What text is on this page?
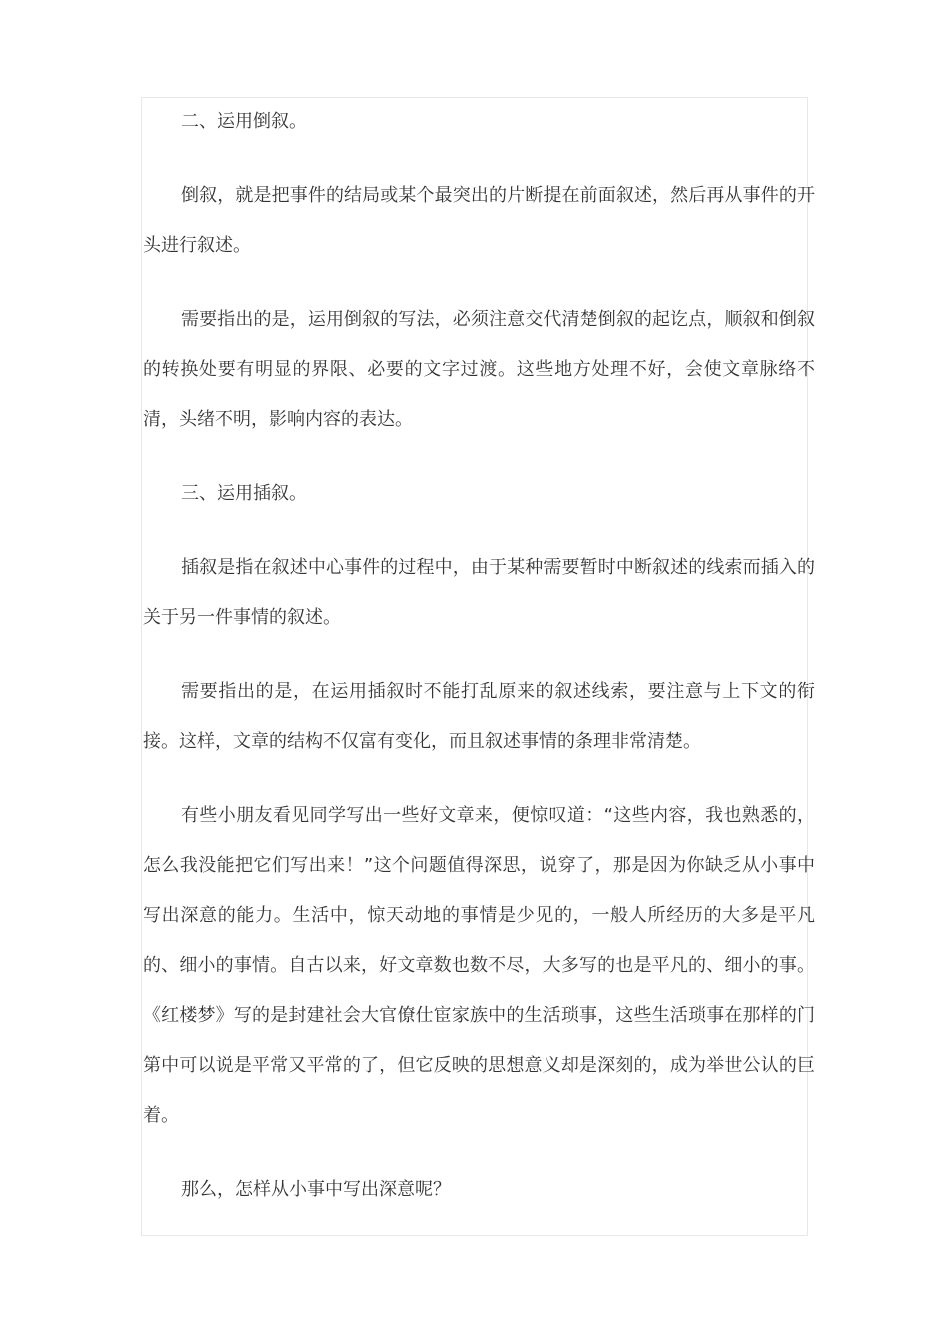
二、运用倒叙。

倒叙，就是把事件的结局或某个最突出的片断提在前面叙述，然后再从事件的开头进行叙述。

需要指出的是，运用倒叙的写法，必须注意交代清楚倒叙的起讫点，顺叙和倒叙的转换处要有明显的界限、必要的文字过渡。这些地方处理不好，会使文章脉络不清，头绪不明，影响内容的表达。

三、运用插叙。

插叙是指在叙述中心事件的过程中，由于某种需要暂时中断叙述的线索而插入的关于另一件事情的叙述。

需要指出的是，在运用插叙时不能打乱原来的叙述线索，要注意与上下文的衔接。这样，文章的结构不仅富有变化，而且叙述事情的条理非常清楚。

有些小朋友看见同学写出一些好文章来，便惊叹道：“这些内容，我也熟悉的，怎么我没能把它们写出来！”这个问题值得深思，说穿了，那是因为你缺乏从小事中写出深意的能力。生活中，惊天动地的事情是少见的，一般人所经历的大多是平凡的、细小的事情。自古以来，好文章数也数不尽，大多写的也是平凡的、细小的事。《红楼梦》写的是封建社会大官僚仕宦家族中的生活琐事，这些生活琐事在那样的门第中可以说是平常又平常的了，但它反映的思想意义却是深刻的，成为举世公认的巨着。

那么，怎样从小事中写出深意呢？
